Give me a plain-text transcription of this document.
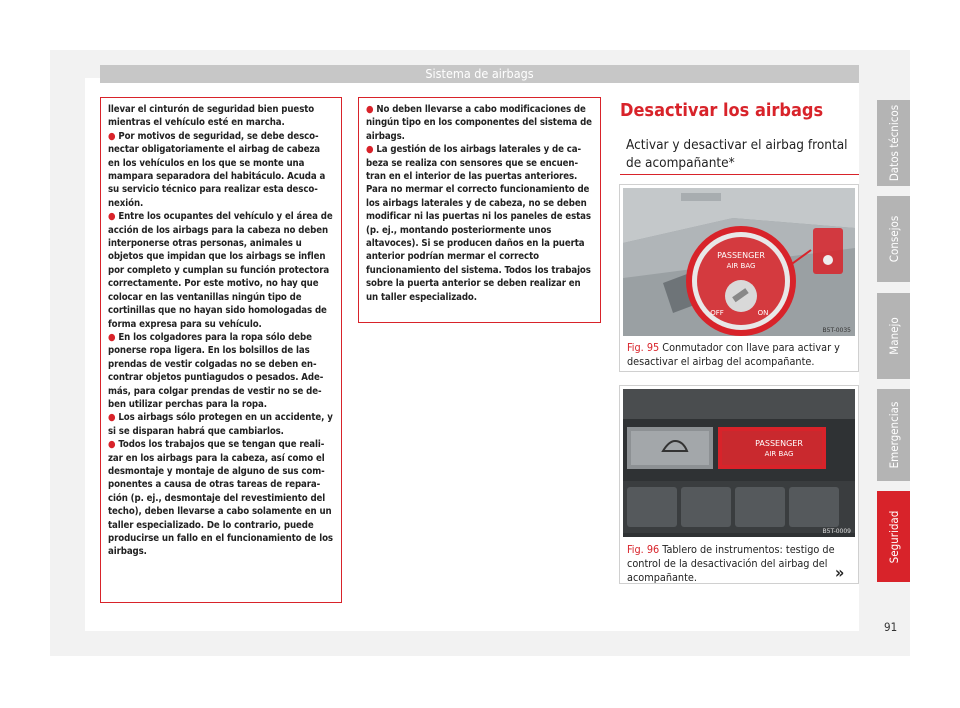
Sistema de airbags

llevar el cinturón de seguridad bien puesto mientras el vehículo esté en marcha.

● Por motivos de seguridad, se debe desconectar obligatoriamente el airbag de cabeza en los vehículos en los que se monte una mampara separadora del habitáculo. Acuda a su servicio técnico para realizar esta desconexión.

● Entre los ocupantes del vehículo y el área de acción de los airbags para la cabeza no deben interponerse otras personas, animales u objetos que impidan que los airbags se inflen por completo y cumplan su función protectora correctamente. Por este motivo, no hay que colocar en las ventanillas ningún tipo de cortinillas que no hayan sido homologadas de forma expresa para su vehículo.

● En los colgadores para la ropa sólo debe ponerse ropa ligera. En los bolsillos de las prendas de vestir colgadas no se deben encontrar objetos puntiagudos o pesados. Además, para colgar prendas de vestir no se deben utilizar perchas para la ropa.

● Los airbags sólo protegen en un accidente, y si se disparan habrá que cambiarlos.

● Todos los trabajos que se tengan que realizar en los airbags para la cabeza, así como el desmontaje y montaje de alguno de sus componentes a causa de otras tareas de reparación (p. ej., desmontaje del revestimiento del techo), deben llevarse a cabo solamente en un taller especializado. De lo contrario, puede producirse un fallo en el funcionamiento de los airbags.

● No deben llevarse a cabo modificaciones de ningún tipo en los componentes del sistema de airbags.

● La gestión de los airbags laterales y de cabeza se realiza con sensores que se encuentran en el interior de las puertas anteriores. Para no mermar el correcto funcionamiento de los airbags laterales y de cabeza, no se deben modificar ni las puertas ni los paneles de estas (p. ej., montando posteriormente unos altavoces). Si se producen daños en la puerta anterior podrían mermar el correcto funcionamiento del sistema. Todos los trabajos sobre la puerta anterior se deben realizar en un taller especializado.

Desactivar los airbags
Activar y desactivar el airbag frontal de acompañante*
PASSENGER
AIR BAG
OFF	ON
B5T-0035
Fig. 95 Conmutador con llave para activar y desactivar el airbag del acompañante.
PASSENGER
AIR BAG
B5T-0009
Fig. 96 Tablero de instrumentos: testigo de control de la desactivación del airbag del acompañante.	»
Datos técnicos
Consejos
Manejo
Emergencias
Seguridad
91
